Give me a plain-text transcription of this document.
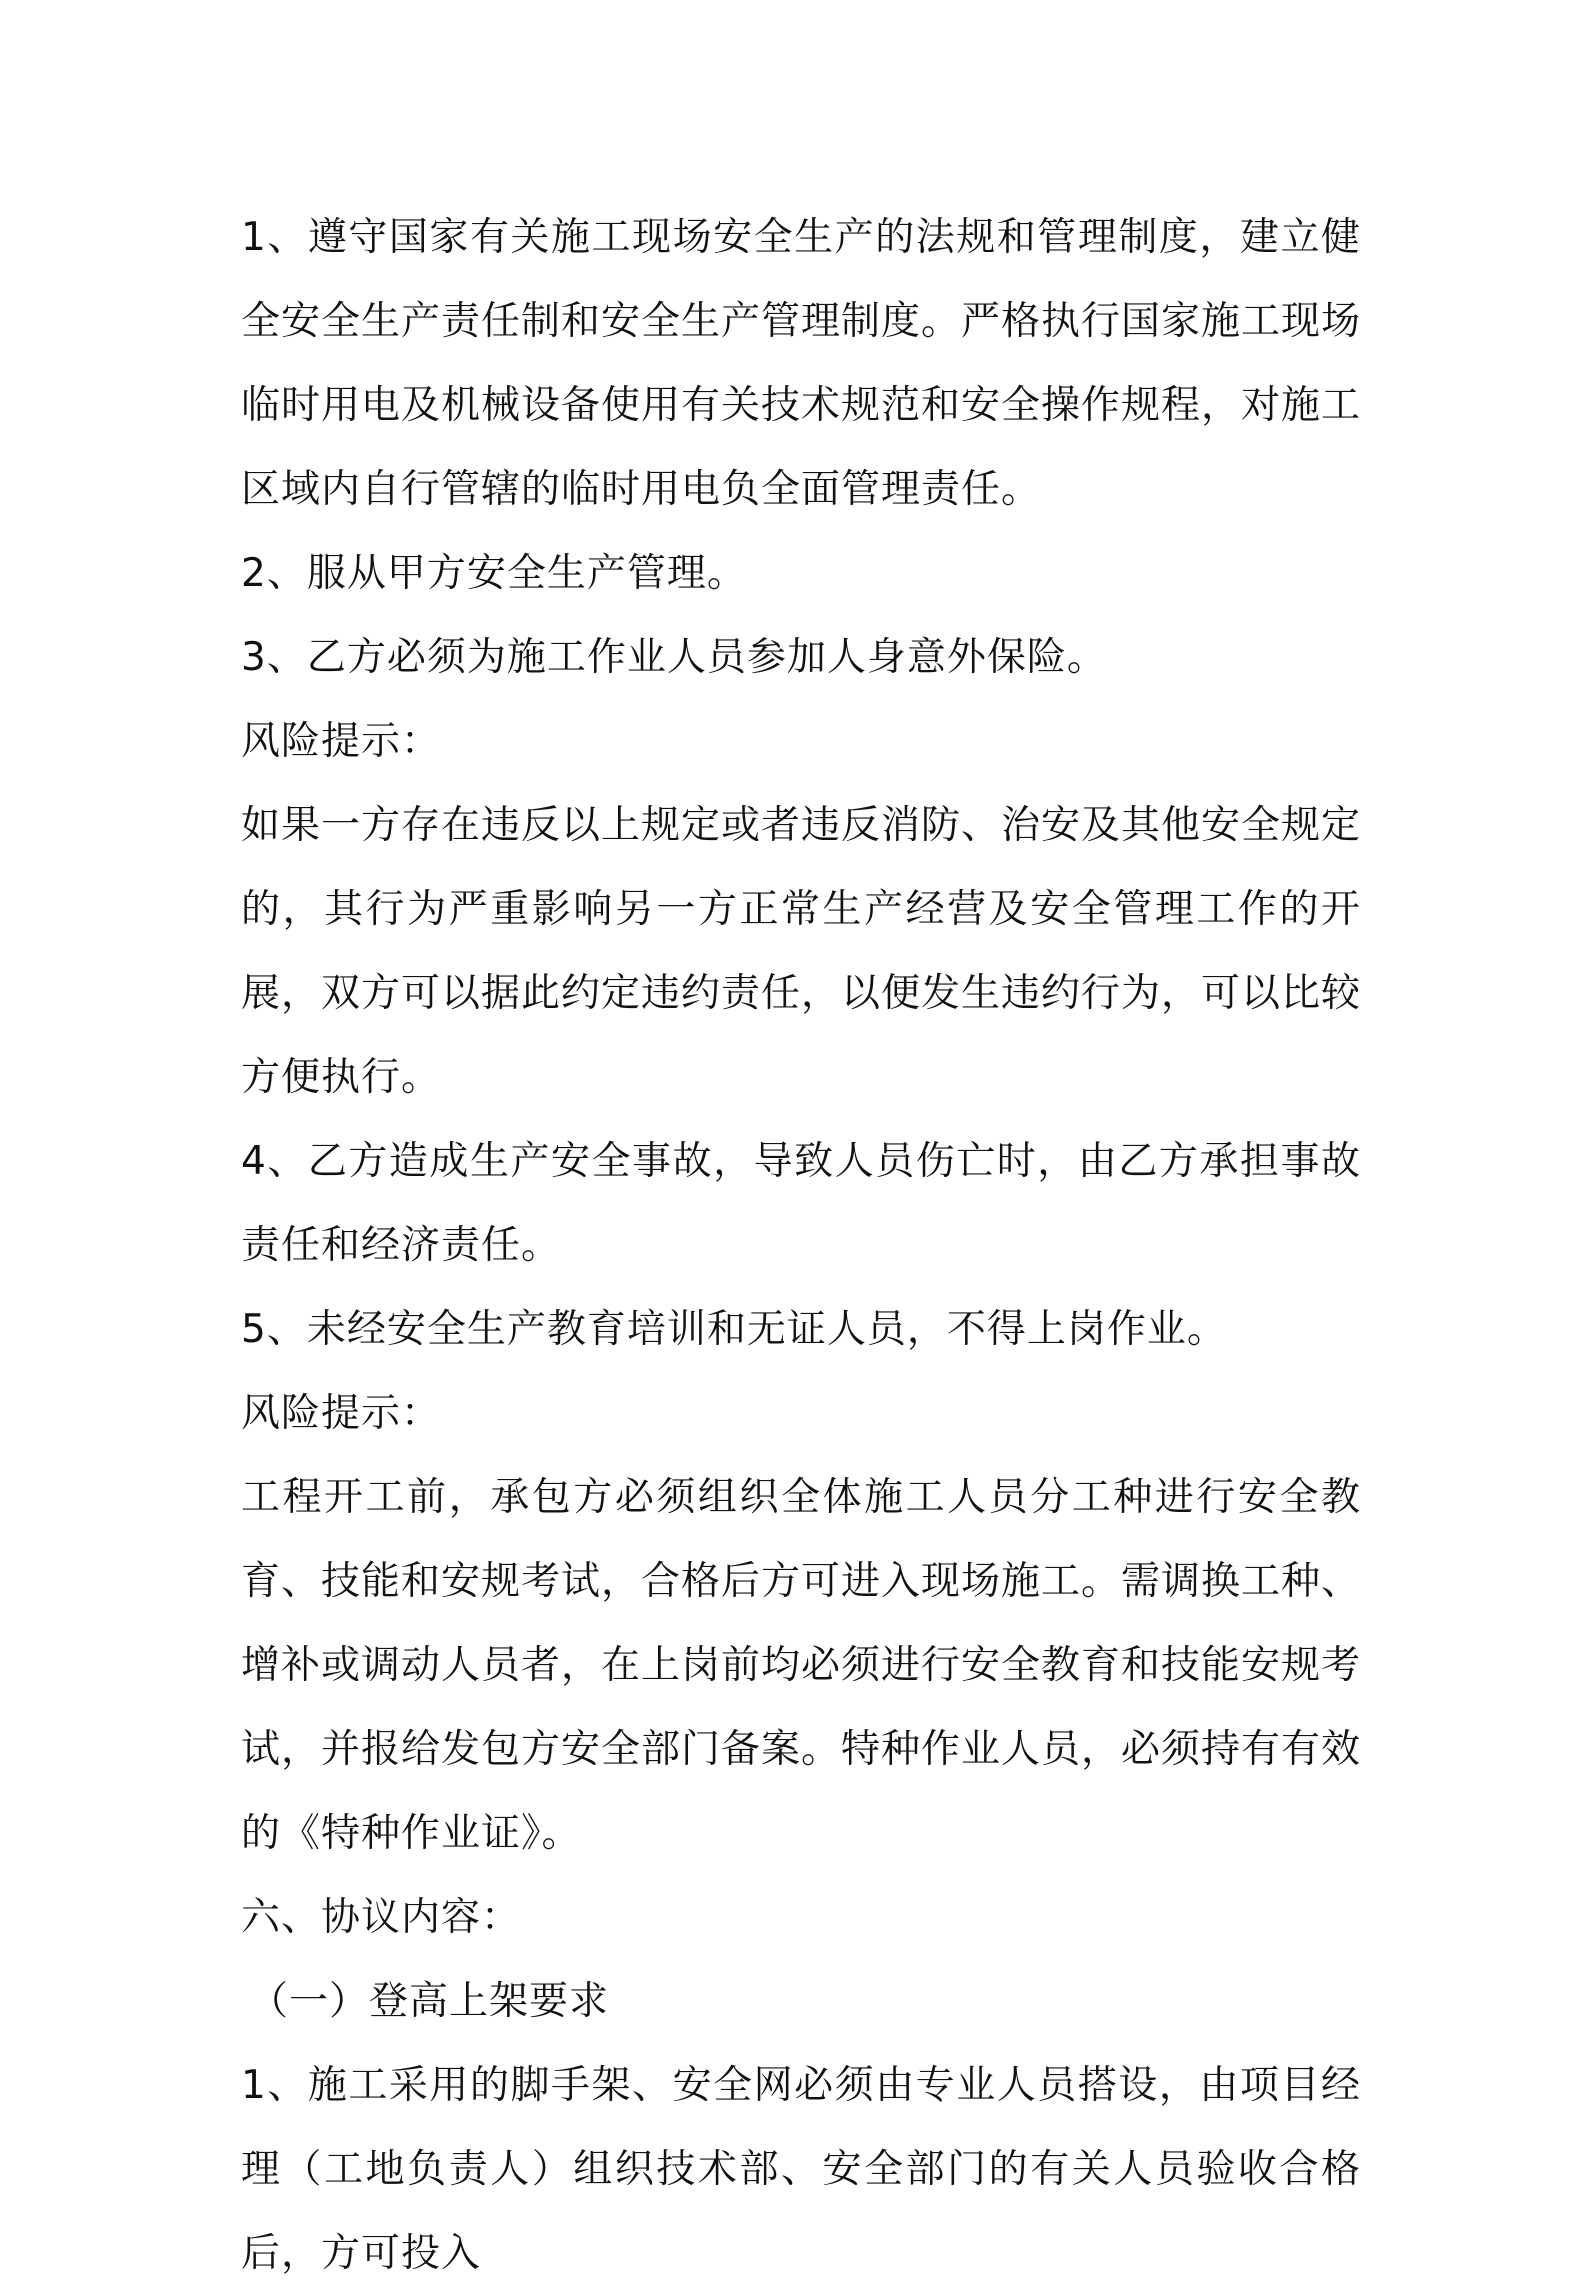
1、遵守国家有关施工现场安全生产的法规和管理制度，建立健全安全生产责任制和安全生产管理制度。严格执行国家施工现场临时用电及机械设备使用有关技术规范和安全操作规程，对施工区域内自行管辖的临时用电负全面管理责任。

2、服从甲方安全生产管理。

3、乙方必须为施工作业人员参加人身意外保险。

风险提示：

如果一方存在违反以上规定或者违反消防、治安及其他安全规定的，其行为严重影响另一方正常生产经营及安全管理工作的开展，双方可以据此约定违约责任，以便发生违约行为，可以比较方便执行。

4、乙方造成生产安全事故，导致人员伤亡时，由乙方承担事故责任和经济责任。

5、未经安全生产教育培训和无证人员，不得上岗作业。

风险提示：

工程开工前，承包方必须组织全体施工人员分工种进行安全教育、技能和安规考试，合格后方可进入现场施工。需调换工种、增补或调动人员者，在上岗前均必须进行安全教育和技能安规考试，并报给发包方安全部门备案。特种作业人员，必须持有有效的《特种作业证》。

六、协议内容：

（一）登高上架要求

1、施工采用的脚手架、安全网必须由专业人员搭设，由项目经理（工地负责人）组织技术部、安全部门的有关人员验收合格后，方可投入
